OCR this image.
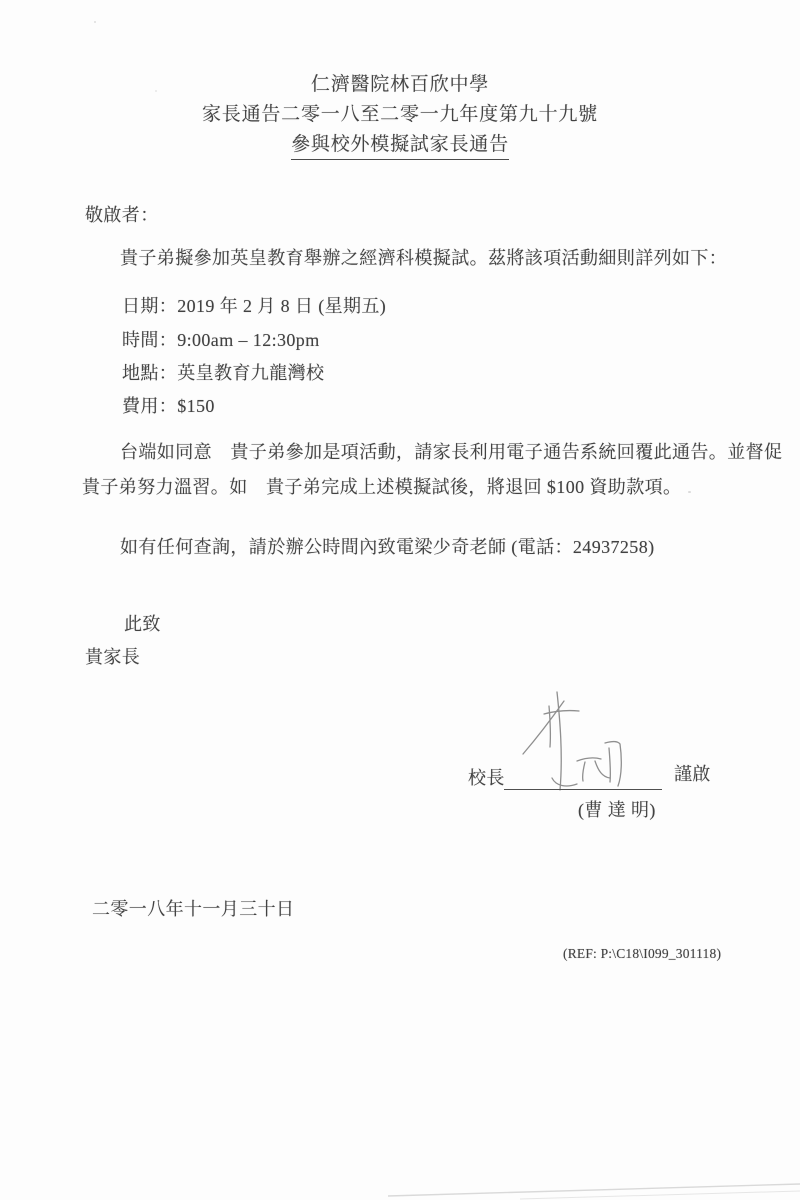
仁濟醫院林百欣中學
家長通告二零一八至二零一九年度第九十九號
參與校外模擬試家長通告
敬啟者：
貴子弟擬參加英皇教育舉辦之經濟科模擬試。茲將該項活動細則詳列如下：
日期：2019 年 2 月 8 日 (星期五)
時間：9:00am – 12:30pm
地點：英皇教育九龍灣校
費用：$150
台端如同意　貴子弟參加是項活動，請家長利用電子通告系統回覆此通告。並督促
貴子弟努力溫習。如　貴子弟完成上述模擬試後，將退回 $100 資助款項。
如有任何查詢，請於辦公時間內致電梁少奇老師 (電話：24937258)
此致
貴家長
校長	謹啟
(曹 達 明)
二零一八年十一月三十日
(REF: P:\C18\I099_301118)
